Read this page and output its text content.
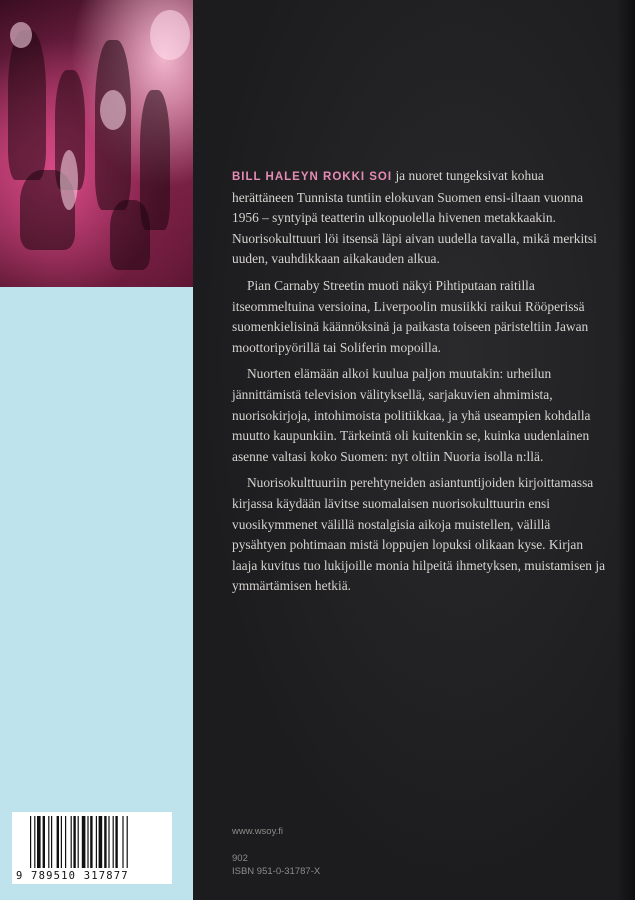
BILL HALEYN ROKKI SOI ja nuoret tungeksivat kohua herättäneen Tunnista tuntiin elokuvan Suomen ensi-iltaan vuonna 1956 – syntyipä teatterin ulkopuolella hivenen metakkaakin. Nuorisokulttuuri löi itsensä läpi aivan uudella tavalla, mikä merkitsi uuden, vauhdikkaan aikakauden alkua.

Pian Carnaby Streetin muoti näkyi Pihtiputaan raitilla itseommeltuina versioina, Liverpoolin musiikki raikui Rööperissä suomenkielisinä käännöksinä ja paikasta toiseen päristeltiin Jawan moottoripyörillä tai Soliferin mopoilla.

Nuorten elämään alkoi kuulua paljon muutakin: urheilun jännittämistä television välityksellä, sarjakuvien ahmimista, nuorisokirjoja, intohimoista politiikkaa, ja yhä useampien kohdalla muutto kaupunkiin. Tärkeintä oli kuitenkin se, kuinka uudenlainen asenne valtasi koko Suomen: nyt oltiin Nuoria isolla n:llä.

Nuorisokulttuuriin perehtyneiden asiantuntijoiden kirjoittamassa kirjassa käydään lävitse suomalaisen nuorisokulttuurin ensi vuosikymmenet välillä nostalgisia aikoja muistellen, välillä pysähtyen pohtimaan mistä loppujen lopuksi olikaan kyse. Kirjan laaja kuvitus tuo lukijoille monia hilpeitä ihmetyksen, muistamisen ja ymmärtämisen hetkiä.

www.wsoy.fi
902
ISBN 951-0-31787-X
9 789510 317877
